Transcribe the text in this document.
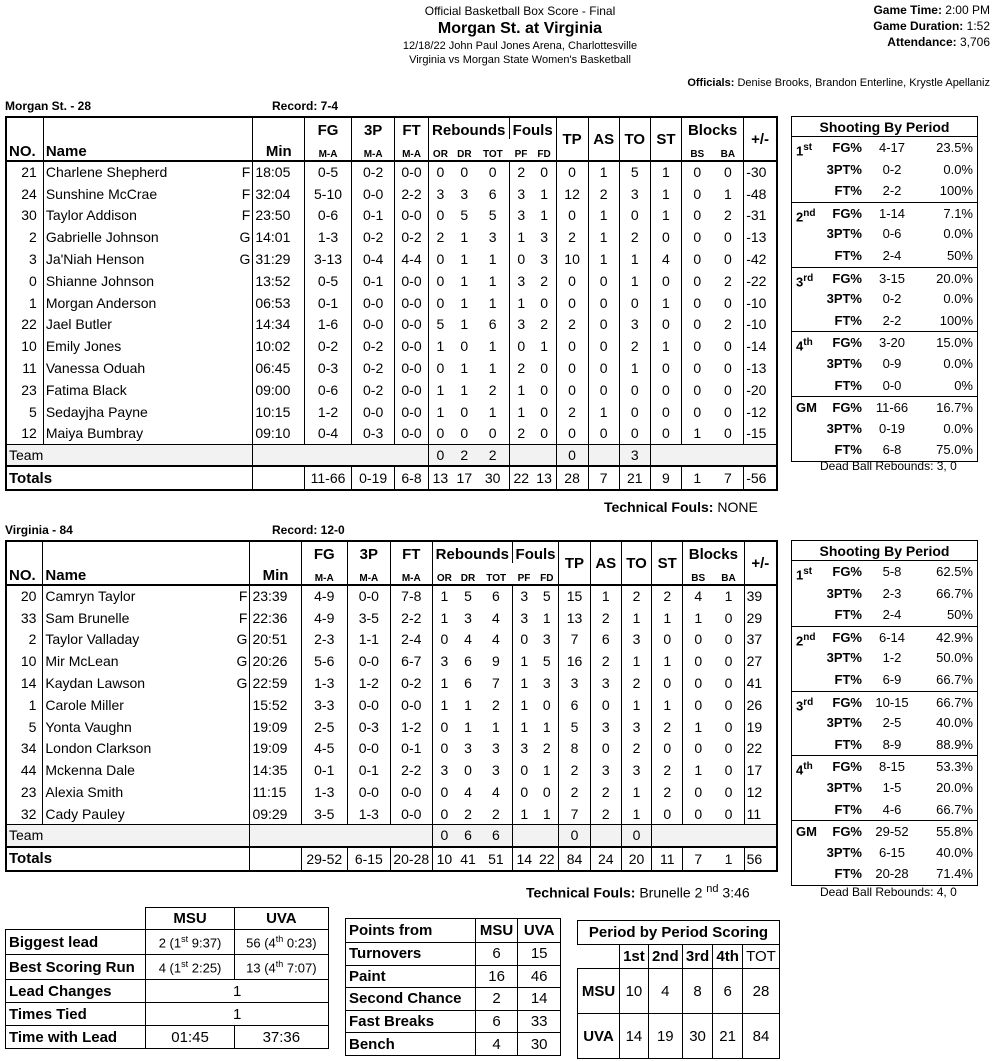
Official Basketball Box Score - Final
Morgan St. at Virginia
12/18/22 John Paul Jones Arena, Charlottesville
Virginia vs Morgan State Women's Basketball
Game Time: 2:00 PM
Game Duration: 1:52
Attendance: 3,706
Officials: Denise Brooks, Brandon Enterline, Krystle Apellaniz
Morgan St. - 28	Record: 7-4
NO.	Name	Min	FG	3P	FT	Rebounds			Fouls		TP	AS	TO	ST	Blocks		+/-
			M-A	M-A	M-A	OR	DR	TOT	PF	FD					BS	BA	
21	Charlene Shepherd F	18:05	0-5	0-2	0-0	0	0	0	2	0	0	1	5	1	0	0	-30
24	Sunshine McCrae F	32:04	5-10	0-0	2-2	3	3	6	3	1	12	2	3	1	0	1	-48
30	Taylor Addison F	23:50	0-6	0-1	0-0	0	5	5	3	1	0	1	0	1	0	2	-31
2	Gabrielle Johnson G	14:01	1-3	0-2	0-2	2	1	3	1	3	2	1	2	0	0	0	-13
3	Ja'Niah Henson G	31:29	3-13	0-4	4-4	0	1	1	0	3	10	1	1	4	0	0	-42
0	Shianne Johnson	13:52	0-5	0-1	0-0	0	1	1	3	2	0	0	1	0	0	2	-22
1	Morgan Anderson	06:53	0-1	0-0	0-0	0	1	1	1	0	0	0	0	1	0	0	-10
22	Jael Butler	14:34	1-6	0-0	0-0	5	1	6	3	2	2	0	3	0	0	2	-10
10	Emily Jones	10:02	0-2	0-2	0-0	1	0	1	0	1	0	0	2	1	0	0	-14
11	Vanessa Oduah	06:45	0-3	0-2	0-0	0	1	1	2	0	0	0	1	0	0	0	-13
23	Fatima Black	09:00	0-6	0-2	0-0	1	1	2	1	0	0	0	0	0	0	0	-20
5	Sedayjha Payne	10:15	1-2	0-0	0-0	1	0	1	1	0	2	1	0	0	0	0	-12
12	Maiya Bumbray	09:10	0-4	0-3	0-0	0	0	0	2	0	0	0	0	0	1	0	-15
Team						0	2	2			0		3				
Totals			11-66	0-19	6-8	13	17	30	22	13	28	7	21	9	1	7	-56
Technical Fouls: NONE
Shooting By Period
1st	FG%	4-17	23.5%
3PT%	0-2	0.0%
FT%	2-2	100%
2nd	FG%	1-14	7.1%
3PT%	0-6	0.0%
FT%	2-4	50%
3rd	FG%	3-15	20.0%
3PT%	0-2	0.0%
FT%	2-2	100%
4th	FG%	3-20	15.0%
3PT%	0-9	0.0%
FT%	0-0	0%
GM	FG%	11-66	16.7%
3PT%	0-19	0.0%
FT%	6-8	75.0%
Dead Ball Rebounds: 3, 0
Virginia - 84	Record: 12-0
NO.	Name	Min	FG	3P	FT	Rebounds			Fouls		TP	AS	TO	ST	Blocks		+/-
			M-A	M-A	M-A	OR	DR	TOT	PF	FD					BS	BA	
20	Camryn Taylor F	23:39	4-9	0-0	7-8	1	5	6	3	5	15	1	2	2	4	1	39
33	Sam Brunelle F	22:36	4-9	3-5	2-2	1	3	4	3	1	13	2	1	1	1	0	29
2	Taylor Valladay G	20:51	2-3	1-1	2-4	0	4	4	0	3	7	6	3	0	0	0	37
10	Mir McLean G	20:26	5-6	0-0	6-7	3	6	9	1	5	16	2	1	1	0	0	27
14	Kaydan Lawson G	22:59	1-3	1-2	0-2	1	6	7	1	3	3	3	2	0	0	0	41
1	Carole Miller	15:52	3-3	0-0	0-0	1	1	2	1	0	6	0	1	1	0	0	26
5	Yonta Vaughn	19:09	2-5	0-3	1-2	0	1	1	1	1	5	3	3	2	1	0	19
34	London Clarkson	19:09	4-5	0-0	0-1	0	3	3	3	2	8	0	2	0	0	0	22
44	Mckenna Dale	14:35	0-1	0-1	2-2	3	0	3	0	1	2	3	3	2	1	0	17
23	Alexia Smith	11:15	1-3	0-0	0-0	0	4	4	0	0	2	2	1	2	0	0	12
32	Cady Pauley	09:29	3-5	1-3	0-0	0	2	2	1	1	7	2	1	0	0	0	11
Team						0	6	6			0		0				
Totals			29-52	6-15	20-28	10	41	51	14	22	84	24	20	11	7	1	56
Technical Fouls: Brunelle 2 $^{nd}$ 3:46
Shooting By Period
1st	FG%	5-8	62.5%
3PT%	2-3	66.7%
FT%	2-4	50%
2nd	FG%	6-14	42.9%
3PT%	1-2	50.0%
FT%	6-9	66.7%
3rd	FG%	10-15	66.7%
3PT%	2-5	40.0%
FT%	8-9	88.9%
4th	FG%	8-15	53.3%
3PT%	1-5	20.0%
FT%	4-6	66.7%
GM	FG%	29-52	55.8%
3PT%	6-15	40.0%
FT%	20-28	71.4%
Dead Ball Rebounds: 4, 0
	MSU	UVA
Biggest lead	2 (1st 9:37)	56 (4th 0:23)
Best Scoring Run	4 (1st 2:25)	13 (4th 7:07)
Lead Changes	1	
Times Tied	1	
Time with Lead	01:45	37:36
Points from	MSU	UVA
Turnovers	6	15
Paint	16	46
Second Chance	2	14
Fast Breaks	6	33
Bench	4	30
Period by Period Scoring					
	1st	2nd	3rd	4th	TOT
MSU	10	4	8	6	28
UVA	14	19	30	21	84
